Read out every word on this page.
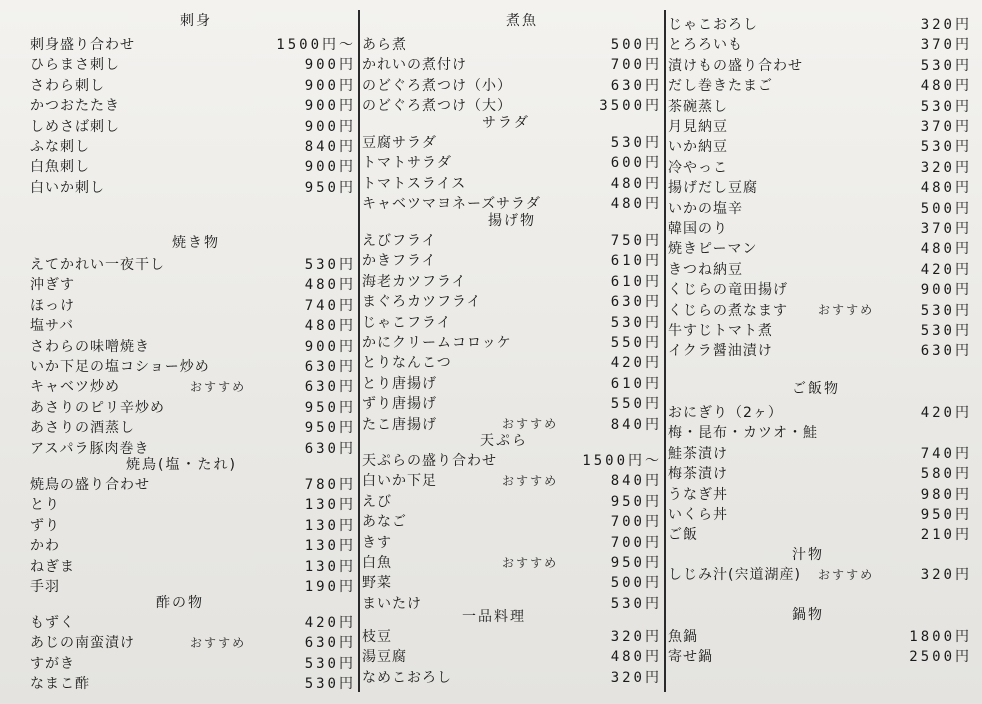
刺身
刺身盛り合わせ	1500円〜
ひらまさ刺し	900円
さわら刺し	900円
かつおたたき	900円
しめさば刺し	900円
ふな刺し	840円
白魚刺し	900円
白いか刺し	950円
焼き物
えてかれい一夜干し	530円
沖ぎす	480円
ほっけ	740円
塩サバ	480円
さわらの味噌焼き	900円
いか下足の塩コショー炒め	630円
キャベツ炒め	おすすめ	630円
あさりのピリ辛炒め	950円
あさりの酒蒸し	950円
アスパラ豚肉巻き	630円
焼鳥(塩・たれ)
焼鳥の盛り合わせ	780円
とり	130円
ずり	130円
かわ	130円
ねぎま	130円
手羽	190円
酢の物
もずく	420円
あじの南蛮漬け	おすすめ	630円
すがき	530円
なまこ酢	530円
煮魚
あら煮	500円
かれいの煮付け	700円
のどぐろ煮つけ（小）	630円
のどぐろ煮つけ（大）	3500円
サラダ
豆腐サラダ	530円
トマトサラダ	600円
トマトスライス	480円
キャベツマヨネーズサラダ	480円
揚げ物
えびフライ	750円
かきフライ	610円
海老カツフライ	610円
まぐろカツフライ	630円
じゃこフライ	530円
かにクリームコロッケ	550円
とりなんこつ	420円
とり唐揚げ	610円
ずり唐揚げ	550円
たこ唐揚げ	おすすめ	840円
天ぷら
天ぷらの盛り合わせ	1500円〜
白いか下足	おすすめ	840円
えび	950円
あなご	700円
きす	700円
白魚	おすすめ	950円
野菜	500円
まいたけ	530円
一品料理
枝豆	320円
湯豆腐	480円
なめこおろし	320円
じゃこおろし	320円
とろろいも	370円
漬けもの盛り合わせ	530円
だし巻きたまご	480円
茶碗蒸し	530円
月見納豆	370円
いか納豆	530円
冷やっこ	320円
揚げだし豆腐	480円
いかの塩辛	500円
韓国のり	370円
焼きピーマン	480円
きつね納豆	420円
くじらの竜田揚げ	900円
くじらの煮なます	おすすめ	530円
牛すじトマト煮	530円
イクラ醤油漬け	630円
ご飯物
おにぎり（2ヶ）	420円
梅・昆布・カツオ・鮭
鮭茶漬け	740円
梅茶漬け	580円
うなぎ丼	980円
いくら丼	950円
ご飯	210円
汁物
しじみ汁(宍道湖産) おすすめ	320円
鍋物
魚鍋	1800円
寄せ鍋	2500円
